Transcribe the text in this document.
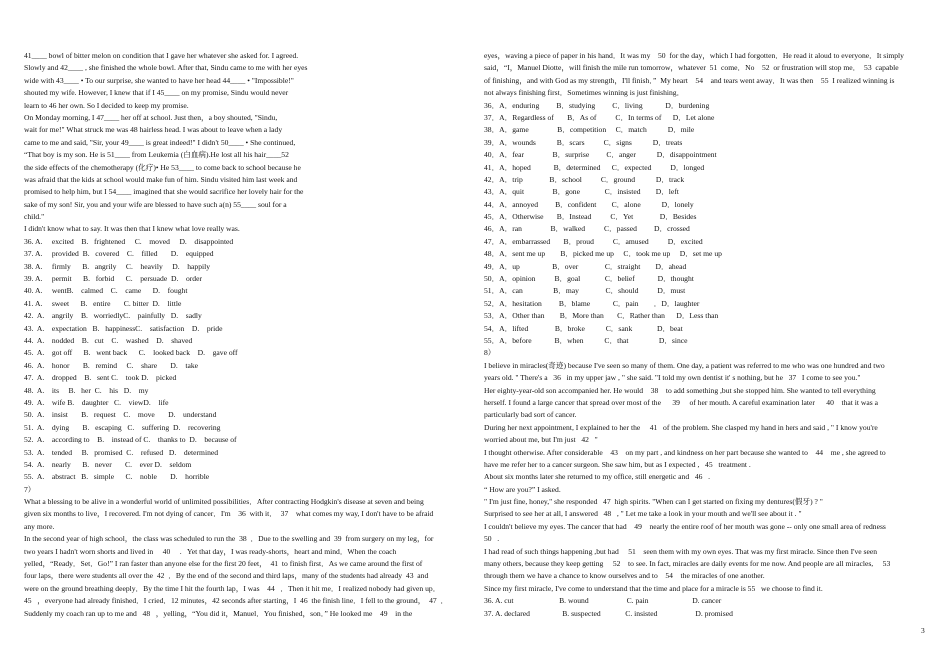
41____ bowl of bitter melon on condition that I gave her whatever she asked for. I agreed.
Slowly and 42____ , she finished the whole bowl. After that, Sindu came to me with her eyes
wide with 43____ • To our surprise, she wanted to have her head 44____ • "Impossible!"
shouted my wife. However, I knew that if I 45____ on my promise, Sindu would never
learn to 46 her own. So I decided to keep my promise.
On Monday morning, I 47____ her off at school. Just then，a boy shouted, "Sindu,
wait for me!" What struck me was 48 hairless head. I was about to leave when a lady
came to me and said, "Sir, your 49____ is great indeed!" I didn't 50____ • She continued,
“That boy is my son. He is 51____ from Leukemia (白血病).He lost all his hair____52
the side effects of the chemotherapy (化疗)• He 53____ to come back to school because he
was afraid that the kids at school would make fun of him. Sindu visited him last week and
promised to help him, but I 54____ imagined that she would sacrifice her lovely hair for the
sake of my son! Sir, you and your wife are blessed to have such a(n) 55____ soul for a
child."
I didn't know what to say. It was then that I knew what love really was.
36. A.     excited    B.   frightened     C.    moved     D.    disappointed
37. A.     provided  B.   covered    C.    filled       D.    equipped
38. A.     firmly      B.   angrily     C.    heavily     D.    happily
39. A.     permit      B.   forbid      C.    persuade  D.    order
40. A.     wentB.    calmed    C.    came      D.    fought
41. A.     sweet      B.   entire       C. bitter  D.    little
42.  A.    angrily    B.   worriedlyC.    painfully   D.    sadly
43.  A.    expectation   B.   happinessC.    satisfaction    D.    pride
44.  A.    nodded    B.   cut    C.    washed    D.    shaved
45.  A.    got off      B.   went back      C.    looked back    D.    gave off
46.  A.    honor       B.   remind     C.    share       D.    take
47.  A.    dropped    B.   sent C.    took D.    picked
48.  A.    its     B.   her  C.    his   D.    my
49.  A.    wife B.    daughter   C.    viewD.    life
50.  A.    insist       B.   request    C.    move       D.    understand
51.  A.    dying       B.   escaping   C.    suffering  D.    recovering
52.  A.    according to    B.    instead of C.    thanks to  D.    because of
53.  A.    tended     B.   promised  C.    refused   D.    determined
54.  A.    nearly      B.   never       C.    ever D.    seldom
55.  A.    abstract   B.   simple      C.    noble       D.    horrible
7）
What a blessing to be alive in a wonderful world of unlimited possibilities．After contracting Hodgkin's disease at seven and being
given six months to live，I recovered. I'm not dying of cancer．I'm    36  with it．  37    what comes my way, I don't have to be afraid
any more.
In the second year of high school，the class was scheduled to run the  38  ．Due to the swelling and  39  from surgery on my leg，for
two years I hadn't worn shorts and lived in     40     .   Yet that day，I was ready-shorts，heart and mind．When the coach
yelled，“Ready．Set．Go!” I ran faster than anyone else for the first 20 feet，  41  to finish first．As we came around the first of
four laps，there were students all over the  42  ．By the end of the second and third laps，many of the students had already  43  and
were on the ground breathing deeply．By the time I hit the fourth lap，I was    44   ．Then it hit me．I realized nobody had given up．
45   ，everyone had already finished．I cried．12 minutes，42 seconds after starting，I  46  the finish line．I fell to the ground，  47  ．
Suddenly my coach ran up to me and   48   ，yelling，“You did it，Manuel．You finished，son．” He looked me    49    in the
eyes，waving a piece of paper in his hand．It was my    50  for the day，which I had forgotten．He read it aloud to everyone．It simply
said，“I，Manuel Diotte，will finish the mile run tomorrow，whatever  51  come．No    52  or frustration will stop me．  53  capable
of finishing，and with God as my strength，I'll finish．”  My heart    54    and tears went away．It was then    55  I realized winning is
not always finishing first．Sometimes winning is just finishing．
36．A．enduring         B．studying         C．living            D．burdening
37．A．Regardless of       B．As of          C．In terms of      D．Let alone
38．A．game               B．competition     C．match           D．mile
39．A．wounds           B．scars          C．signs           D．treats
40．A．fear               B．surprise         C．anger           D．disappointment
41．A．hoped            B．determined      C．expected          D．longed
42．A．trip              B．school          C．ground           D．track
43．A．quit               B．gone             C．insisted        D．left
44．A．annoyed         B．confident        C．alone           D．lonely
45．A．Otherwise       B．Instead          C．Yet              D．Besides
46．A．ran               B．walked          C．passed         D．crossed
47．A．embarrassed       B．proud          C．amused          D．excited
48．A．sent me up        B．picked me up     C．took me up     D．set me up
49．A．up                 B．over              C．straight        D．ahead
50．A．opinion          B．goal             C．belief            D．thought
51．A．can                B．may              C．should          D．must
52．A．hesitation         B．blame            C．pain        ．D．laughter
53．A．Other than        B．More than       C．Rather than      D．Less than
54．A．lifted              B．broke           C．sank             D．beat
55．A．before            B．when           C．that                D．since
8）
I believe in miracles(奇迹) because I've seen so many of them. One day, a patient was referred to me who was one hundred and two
years old. " There's a   36   in my upper jaw , " she said. "I told my own dentist it' s nothing, but he   37   I come to see you."
Her eighty-year-old son accompanied her. He would    38    to add something ,but she stopped him. She wanted to tell everything
herself. I found a large cancer that spread over most of the      39     of her mouth. A careful examination later      40    that it was a
particularly bad sort of cancer.
During her next appointment, I explained to her the     41   of the problem. She clasped my hand in hers and said , " I know you're
worried about me, but I'm just   42   "
I thought otherwise. After considerable    43    on my part , and kindness on her part because she wanted to    44    me , she agreed to
have me refer her to a cancer surgeon. She saw him, but as I expected ,   45   treatment .
About six months later she returned to my office, still energetic and   46   .
“ How are you?” I asked.
" I'm just fine, honey," she responded   47  high spirits. "When can I get started on fixing my dentures(假牙) ? "
Surprised to see her at all, I answered   48   , " Let me take a look in your mouth and we'll see about it . "
I couldn't believe my eyes. The cancer that had    49    nearly the entire roof of her mouth was gone -- only one small area of redness
50   .
I had read of such things happening ,but had     51    seen them with my own eyes. That was my first miracle. Since then I've seen
many others, because they keep getting     52    to see. In fact, miracles are daily events for me now. And people are all miracles,     53
through them we have a chance to know ourselves and to    54    the miracles of one another.
Since my first miracle, I've come to understand that the time and place for a miracle is 55   we choose to find it.
36. A. cut                        B. wound                    C. pain                       D. cancer
37. A. declared                 B. suspected             C. insisted                    D. promised
3
